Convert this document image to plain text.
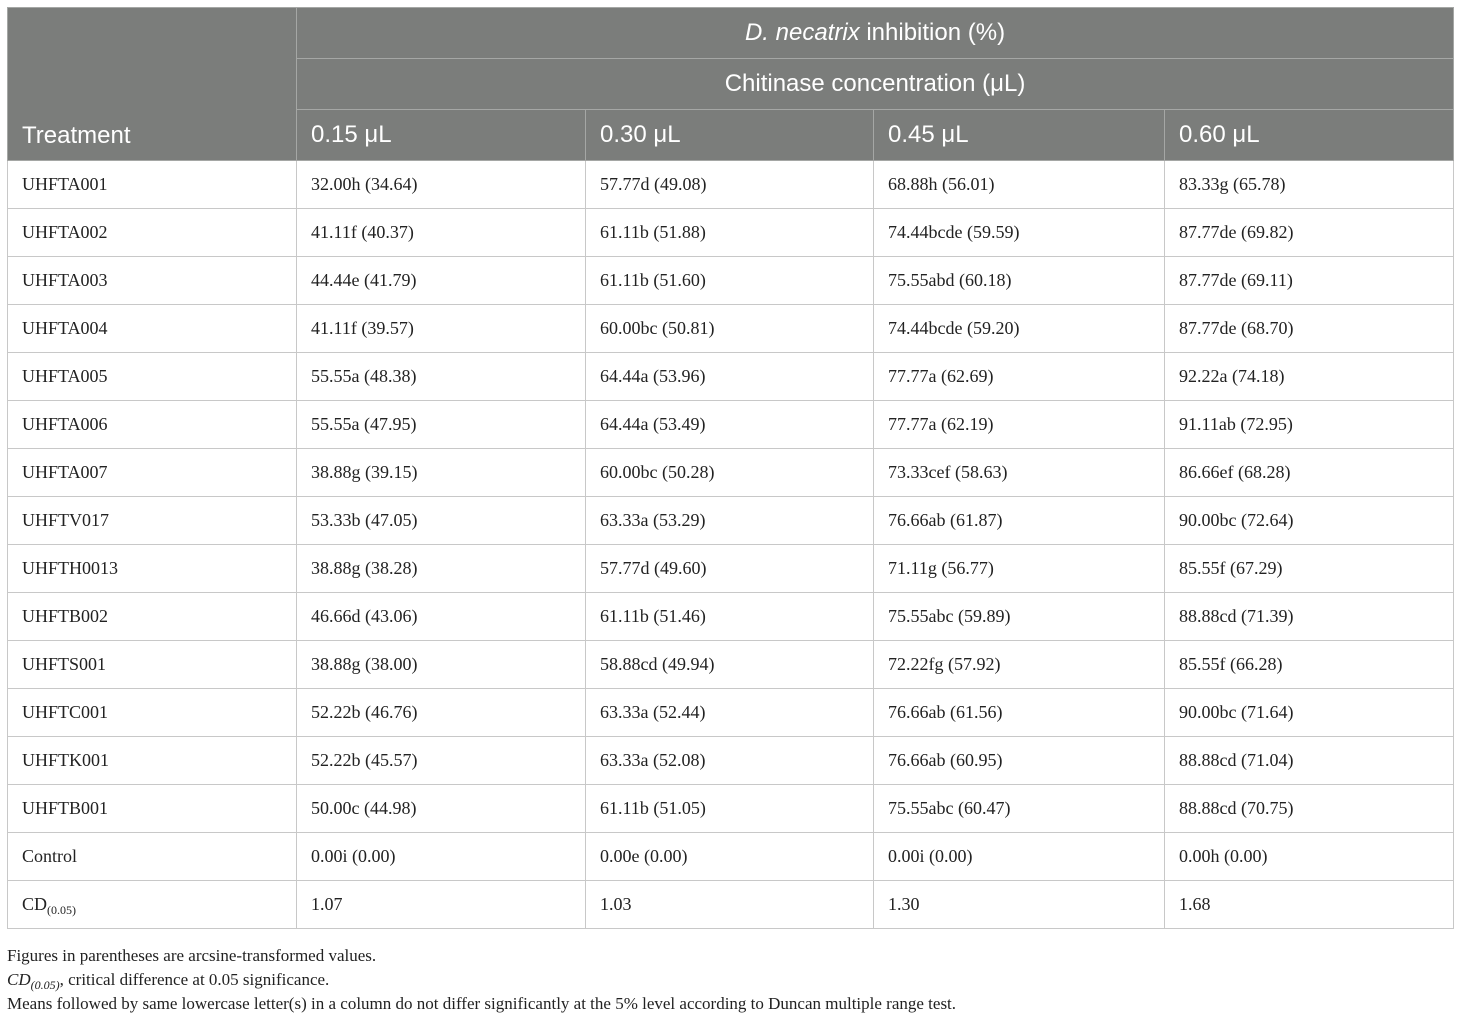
Treatment	D. necatrix inhibition (%)			
	Chitinase concentration (μL)			
	0.15 μL	0.30 μL	0.45 μL	0.60 μL
UHFTA001	32.00h (34.64)	57.77d (49.08)	68.88h (56.01)	83.33g (65.78)
UHFTA002	41.11f (40.37)	61.11b (51.88)	74.44bcde (59.59)	87.77de (69.82)
UHFTA003	44.44e (41.79)	61.11b (51.60)	75.55abd (60.18)	87.77de (69.11)
UHFTA004	41.11f (39.57)	60.00bc (50.81)	74.44bcde (59.20)	87.77de (68.70)
UHFTA005	55.55a (48.38)	64.44a (53.96)	77.77a (62.69)	92.22a (74.18)
UHFTA006	55.55a (47.95)	64.44a (53.49)	77.77a (62.19)	91.11ab (72.95)
UHFTA007	38.88g (39.15)	60.00bc (50.28)	73.33cef (58.63)	86.66ef (68.28)
UHFTV017	53.33b (47.05)	63.33a (53.29)	76.66ab (61.87)	90.00bc (72.64)
UHFTH0013	38.88g (38.28)	57.77d (49.60)	71.11g (56.77)	85.55f (67.29)
UHFTB002	46.66d (43.06)	61.11b (51.46)	75.55abc (59.89)	88.88cd (71.39)
UHFTS001	38.88g (38.00)	58.88cd (49.94)	72.22fg (57.92)	85.55f (66.28)
UHFTC001	52.22b (46.76)	63.33a (52.44)	76.66ab (61.56)	90.00bc (71.64)
UHFTK001	52.22b (45.57)	63.33a (52.08)	76.66ab (60.95)	88.88cd (71.04)
UHFTB001	50.00c (44.98)	61.11b (51.05)	75.55abc (60.47)	88.88cd (70.75)
Control	0.00i (0.00)	0.00e (0.00)	0.00i (0.00)	0.00h (0.00)
$CD_{(0.05)}$	1.07	1.03	1.30	1.68

Figures in parentheses are arcsine-transformed values.

$CD_{(0.05)}$, critical difference at 0.05 significance.

Means followed by same lowercase letter(s) in a column do not differ significantly at the 5% level according to Duncan multiple range test.
